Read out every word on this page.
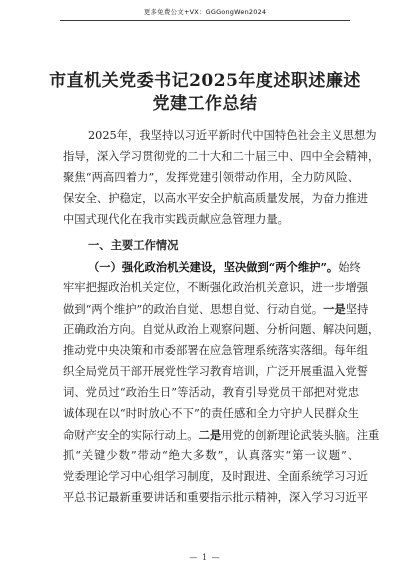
更多免费公文+VX：GGGongWen2024
市直机关党委书记2025年度述职述廉述
党建工作总结
2025年，我坚持以习近平新时代中国特色社会主义思想为
指导，深入学习贯彻党的二十大和二十届三中、四中全会精神，
聚焦“两高四着力”，发挥党建引领带动作用，全力防风险、
保安全、护稳定，以高水平安全护航高质量发展，为奋力推进
中国式现代化在我市实践贡献应急管理力量。
一、主要工作情况
（一）强化政治机关建设，坚决做到“两个维护”。始终
牢牢把握政治机关定位，不断强化政治机关意识，进一步增强
做到“两个维护”的政治自觉、思想自觉、行动自觉。一是坚持
正确政治方向。自觉从政治上观察问题、分析问题、解决问题，
推动党中央决策和市委部署在应急管理系统落实落细。每年组
织全局党员干部开展党性学习教育培训，广泛开展重温入党誓
词、党员过“政治生日”等活动，教育引导党员干部把对党忠
诚体现在以“时时放心不下”的责任感和全力守护人民群众生
命财产安全的实际行动上。二是用党的创新理论武装头脑。注重
抓“关键少数”带动“绝大多数”，认真落实“第一议题”、
党委理论学习中心组学习制度，及时跟进、全面系统学习习近
平总书记最新重要讲话和重要指示批示精神，深入学习习近平
— 1 —
